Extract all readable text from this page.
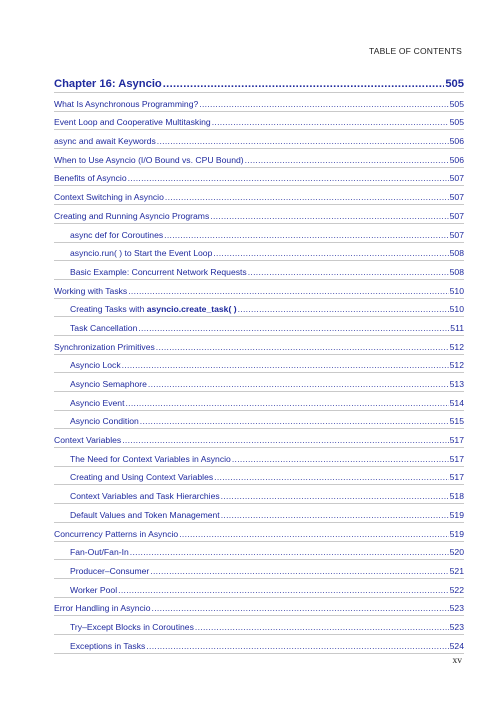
TABLE OF CONTENTS
Chapter 16: Asyncio .....	505
What Is Asynchronous Programming? .....	505
Event Loop and Cooperative Multitasking .....	505
async and await Keywords .....	506
When to Use Asyncio (I/O Bound vs. CPU Bound) .....	506
Benefits of Asyncio .....	507
Context Switching in Asyncio .....	507
Creating and Running Asyncio Programs .....	507
async def for Coroutines .....	507
asyncio.run( ) to Start the Event Loop .....	508
Basic Example: Concurrent Network Requests .....	508
Working with Tasks .....	510
Creating Tasks with asyncio.create_task( ) .....	510
Task Cancellation .....	511
Synchronization Primitives .....	512
Asyncio Lock .....	512
Asyncio Semaphore .....	513
Asyncio Event .....	514
Asyncio Condition .....	515
Context Variables .....	517
The Need for Context Variables in Asyncio .....	517
Creating and Using Context Variables .....	517
Context Variables and Task Hierarchies .....	518
Default Values and Token Management .....	519
Concurrency Patterns in Asyncio .....	519
Fan-Out/Fan-In .....	520
Producer–Consumer .....	521
Worker Pool .....	522
Error Handling in Asyncio .....	523
Try–Except Blocks in Coroutines .....	523
Exceptions in Tasks .....	524
xv
